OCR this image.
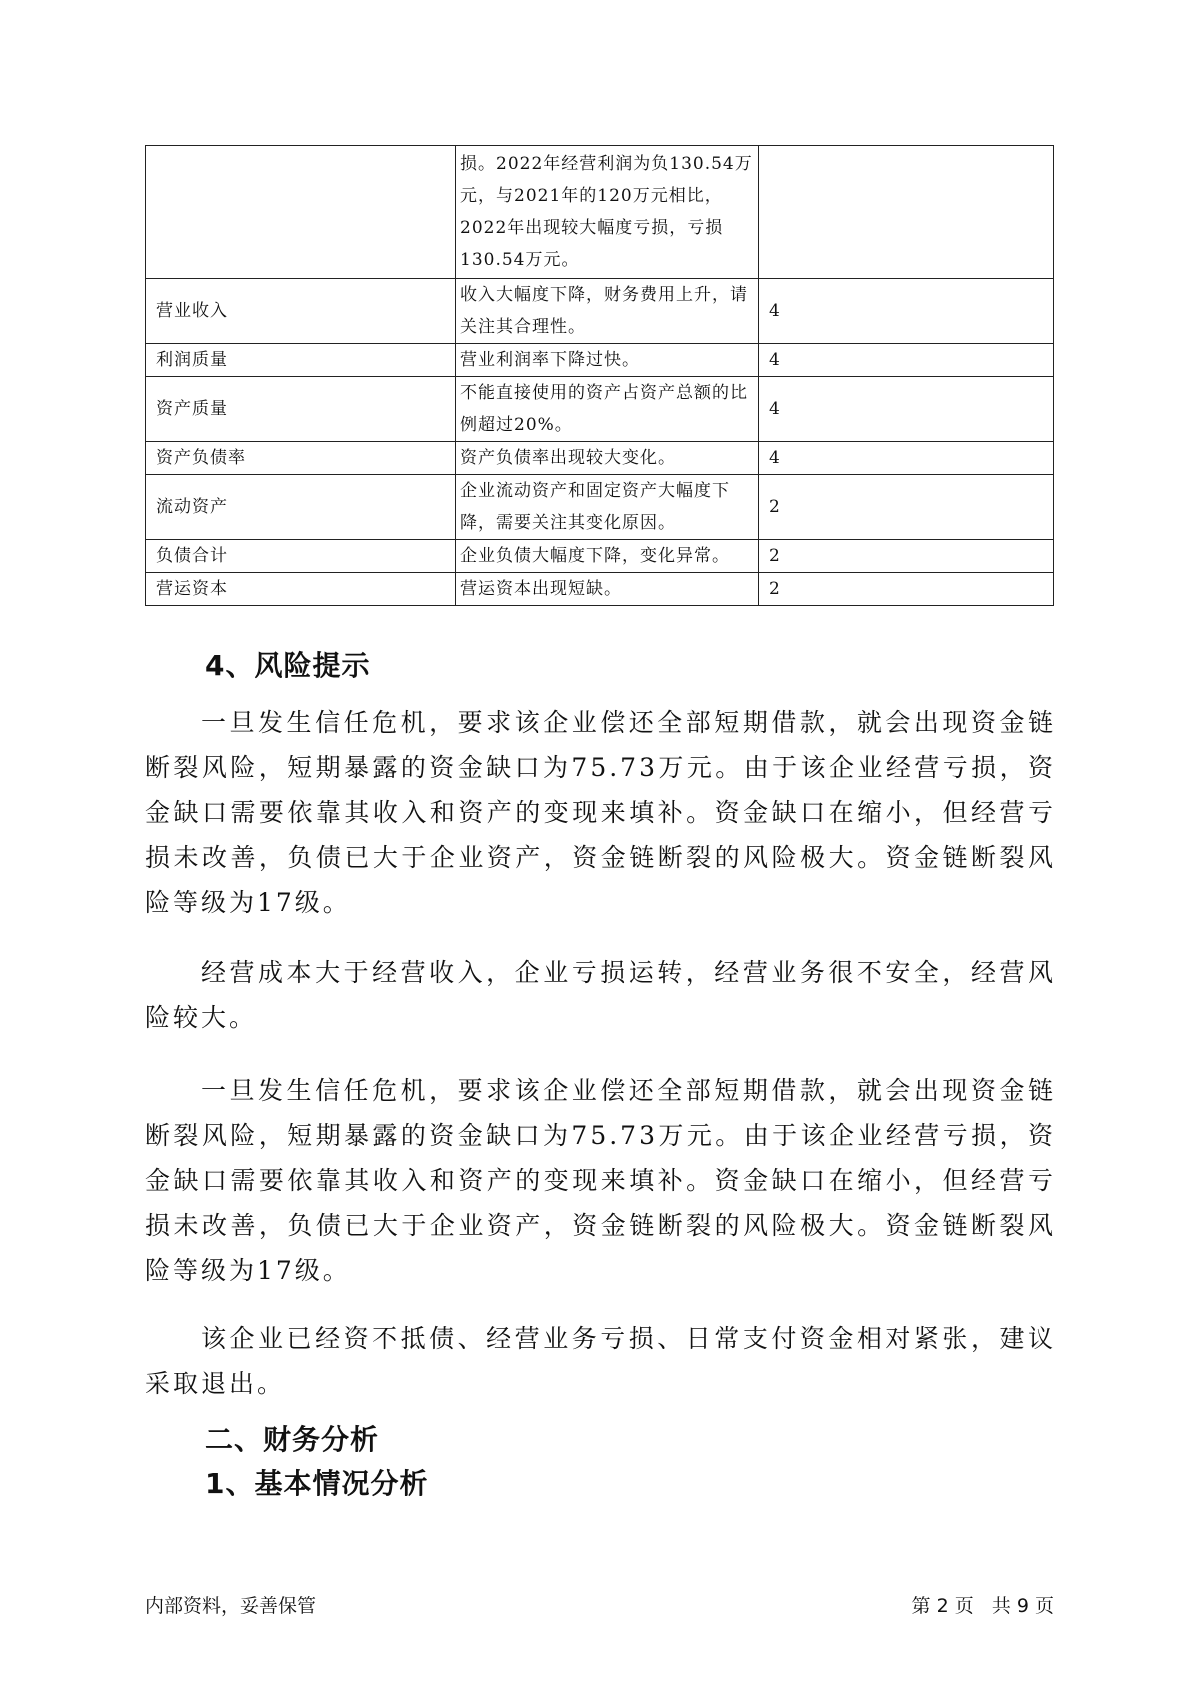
	损。2022年经营利润为负130.54万元，与2021年的120万元相比，2022年出现较大幅度亏损，亏损130.54万元。	
营业收入	收入大幅度下降，财务费用上升，请关注其合理性。	4
利润质量	营业利润率下降过快。	4
资产质量	不能直接使用的资产占资产总额的比例超过20%。	4
资产负债率	资产负债率出现较大变化。	4
流动资产	企业流动资产和固定资产大幅度下降，需要关注其变化原因。	2
负债合计	企业负债大幅度下降，变化异常。	2
营运资本	营运资本出现短缺。	2
4、风险提示

一旦发生信任危机，要求该企业偿还全部短期借款，就会出现资金链断裂风险，短期暴露的资金缺口为75.73万元。由于该企业经营亏损，资金缺口需要依靠其收入和资产的变现来填补。资金缺口在缩小，但经营亏损未改善，负债已大于企业资产，资金链断裂的风险极大。资金链断裂风险等级为17级。

经营成本大于经营收入，企业亏损运转，经营业务很不安全，经营风险较大。

一旦发生信任危机，要求该企业偿还全部短期借款，就会出现资金链断裂风险，短期暴露的资金缺口为75.73万元。由于该企业经营亏损，资金缺口需要依靠其收入和资产的变现来填补。资金缺口在缩小，但经营亏损未改善，负债已大于企业资产，资金链断裂的风险极大。资金链断裂风险等级为17级。

该企业已经资不抵债、经营业务亏损、日常支付资金相对紧张，建议采取退出。

二、财务分析
1、基本情况分析
内部资料，妥善保管	第 2 页   共 9 页
